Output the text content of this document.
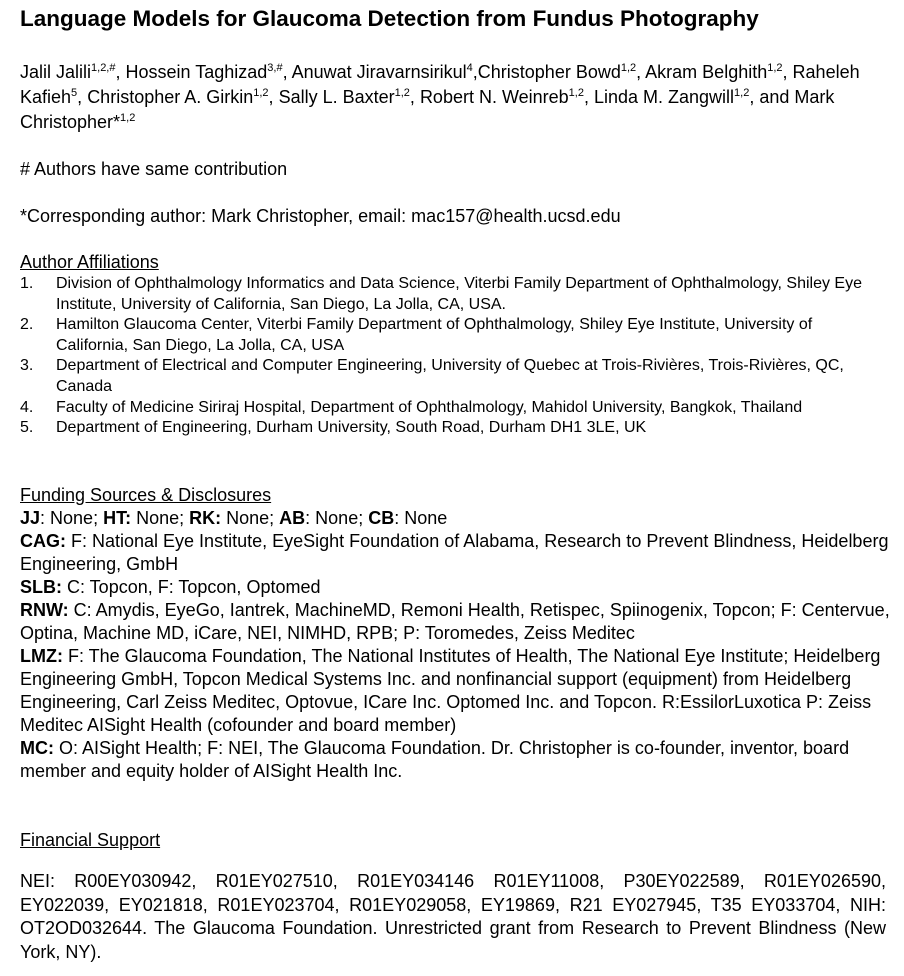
Language Models for Glaucoma Detection from Fundus Photography
Jalil Jalili$^{1,2,\#}$, Hossein Taghizad$^{3,\#}$, Anuwat Jiravarnsirikul$^4$,Christopher Bowd$^{1,2}$, Akram Belghith$^{1,2}$, Raheleh Kafieh$^5$, Christopher A. Girkin$^{1,2}$, Sally L. Baxter$^{1,2}$, Robert N. Weinreb$^{1,2}$, Linda M. Zangwill$^{1,2}$, and Mark Christopher*$^{1,2}$
# Authors have same contribution
*Corresponding author: Mark Christopher, email: mac157@health.ucsd.edu
Author Affiliations
1. Division of Ophthalmology Informatics and Data Science, Viterbi Family Department of Ophthalmology, Shiley Eye Institute, University of California, San Diego, La Jolla, CA, USA.
2. Hamilton Glaucoma Center, Viterbi Family Department of Ophthalmology, Shiley Eye Institute, University of California, San Diego, La Jolla, CA, USA
3. Department of Electrical and Computer Engineering, University of Quebec at Trois-Rivières, Trois-Rivières, QC, Canada
4. Faculty of Medicine Siriraj Hospital, Department of Ophthalmology, Mahidol University, Bangkok, Thailand
5. Department of Engineering, Durham University, South Road, Durham DH1 3LE, UK
Funding Sources & Disclosures

JJ: None; HT: None; RK: None; AB: None; CB: None

CAG: F: National Eye Institute, EyeSight Foundation of Alabama, Research to Prevent Blindness, Heidelberg Engineering, GmbH

SLB: C: Topcon, F: Topcon, Optomed

RNW: C: Amydis, EyeGo, Iantrek, MachineMD, Remoni Health, Retispec, Spiinogenix, Topcon; F: Centervue, Optina, Machine MD, iCare, NEI, NIMHD, RPB; P: Toromedes, Zeiss Meditec

LMZ: F: The Glaucoma Foundation, The National Institutes of Health, The National Eye Institute; Heidelberg Engineering GmbH, Topcon Medical Systems Inc. and nonfinancial support (equipment) from Heidelberg Engineering, Carl Zeiss Meditec, Optovue, ICare Inc. Optomed Inc. and Topcon. R:EssilorLuxotica P: Zeiss Meditec AISight Health (cofounder and board member)

MC: O: AISight Health; F: NEI, The Glaucoma Foundation. Dr. Christopher is co-founder, inventor, board member and equity holder of AISight Health Inc.

Financial Support

NEI: R00EY030942, R01EY027510, R01EY034146 R01EY11008, P30EY022589, R01EY026590, EY022039, EY021818, R01EY023704, R01EY029058, EY19869, R21 EY027945, T35 EY033704, NIH: OT2OD032644. The Glaucoma Foundation. Unrestricted grant from Research to Prevent Blindness (New York, NY).
